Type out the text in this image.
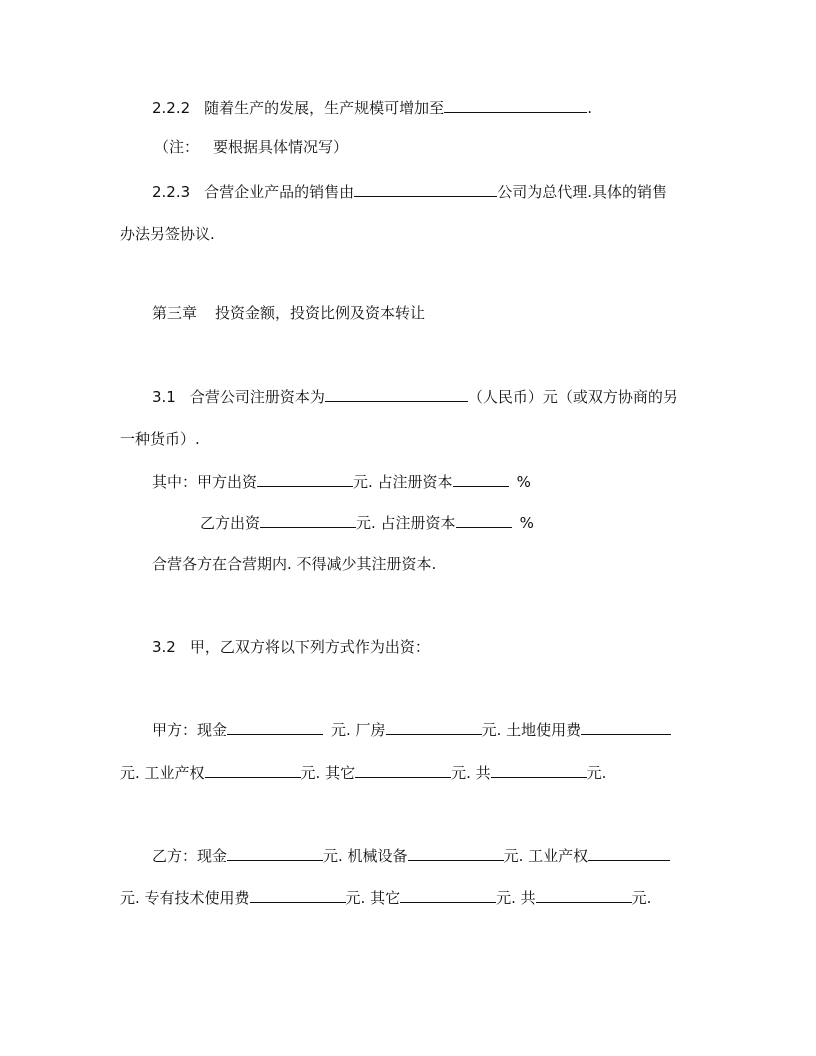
2.2.2 随着生产的发展，生产规模可增加至	.
（注： 要根据具体情况写）
2.2.3 合营企业产品的销售由	公司为总代理.具体的销售
办法另签协议.
第三章 投资金额，投资比例及资本转让
3.1 合营公司注册资本为	（人民币）元（或双方协商的另
一种货币）.
其中：甲方出资	元. 占注册资本	%
乙方出资	元. 占注册资本	%
合营各方在合营期内. 不得减少其注册资本.
3.2 甲，乙双方将以下列方式作为出资：
甲方：现金	元. 厂房	元. 土地使用费
元. 工业产权	元. 其它	元. 共	元.
乙方：现金	元. 机械设备	元. 工业产权
元. 专有技术使用费	元. 其它	元. 共	元.
